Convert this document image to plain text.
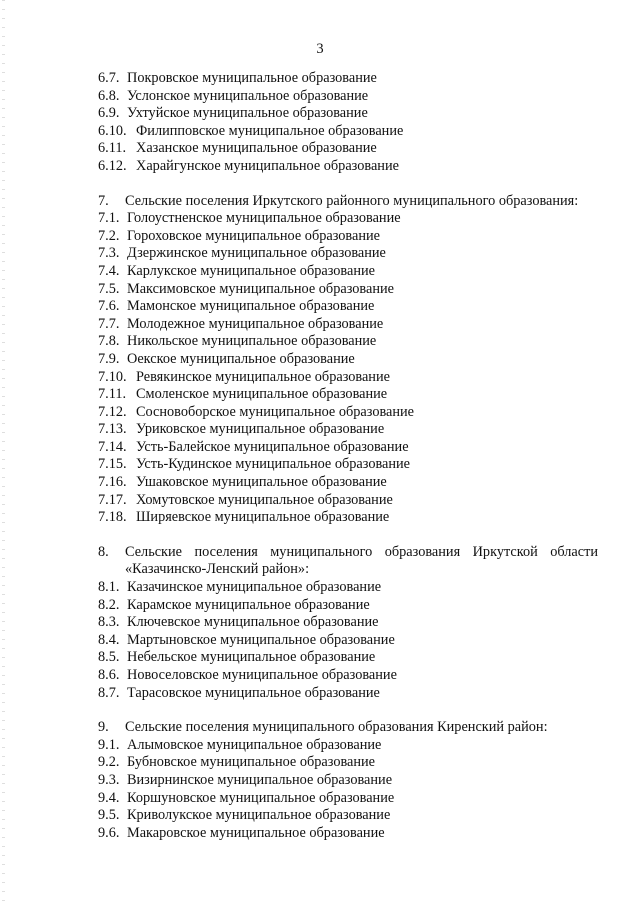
3
6.7. Покровское муниципальное образование
6.8. Услонское муниципальное образование
6.9. Ухтуйское муниципальное образование
6.10. Филипповское муниципальное образование
6.11. Хазанское муниципальное образование
6.12. Харайгунское муниципальное образование
7. Сельские поселения Иркутского районного муниципального образования:
7.1. Голоустненское муниципальное образование
7.2. Гороховское муниципальное образование
7.3. Дзержинское муниципальное образование
7.4. Карлукское муниципальное образование
7.5. Максимовское муниципальное образование
7.6. Мамонское муниципальное образование
7.7. Молодежное муниципальное образование
7.8. Никольское муниципальное образование
7.9. Оекское муниципальное образование
7.10. Ревякинское муниципальное образование
7.11. Смоленское муниципальное образование
7.12. Сосновоборское муниципальное образование
7.13. Уриковское муниципальное образование
7.14. Усть-Балейское муниципальное образование
7.15. Усть-Кудинское муниципальное образование
7.16. Ушаковское муниципальное образование
7.17. Хомутовское муниципальное образование
7.18. Ширяевское муниципальное образование
8. Сельские поселения муниципального образования Иркутской области «Казачинско-Ленский район»:
8.1. Казачинское муниципальное образование
8.2. Карамское муниципальное образование
8.3. Ключевское муниципальное образование
8.4. Мартыновское муниципальное образование
8.5. Небельское муниципальное образование
8.6. Новоселовское муниципальное образование
8.7. Тарасовское муниципальное образование
9. Сельские поселения муниципального образования Киренский район:
9.1. Алымовское муниципальное образование
9.2. Бубновское муниципальное образование
9.3. Визирнинское муниципальное образование
9.4. Коршуновское муниципальное образование
9.5. Криволукское муниципальное образование
9.6. Макаровское муниципальное образование
